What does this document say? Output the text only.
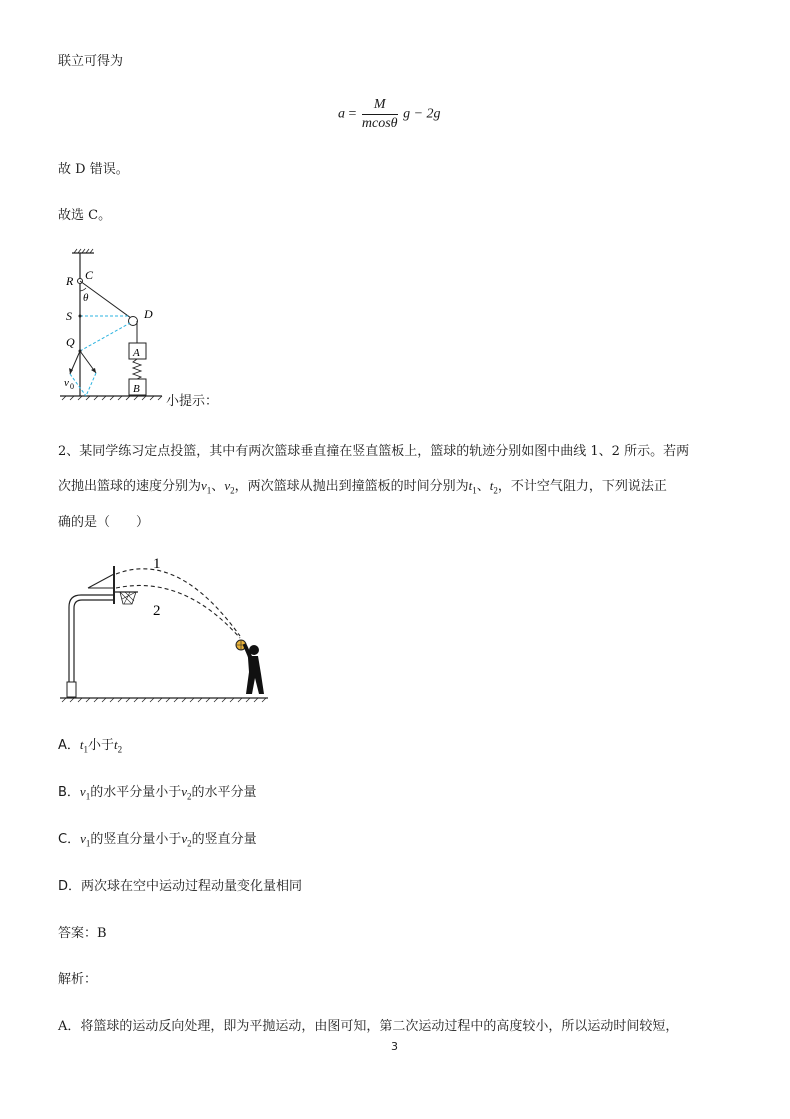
联立可得为
$a = \frac{M}{mcos\theta}$ g − 2g
故 D 错误。
故选 C。
R C
θ
S	D
Q
A
B
v 0
小提示：
2、某同学练习定点投篮，其中有两次篮球垂直撞在竖直篮板上，篮球的轨迹分别如图中曲线 1、2 所示。若两
次抛出篮球的速度分别为$v_1$、$v_2$，两次篮球从抛出到撞篮板的时间分别为$t_1$、$t_2$，不计空气阻力，下列说法正
确的是（　　）
1
2
A．$t_1$小于$t_2$
B．$v_1$的水平分量小于$v_2$的水平分量
C．$v_1$的竖直分量小于$v_2$的竖直分量
D．两次球在空中运动过程动量变化量相同
答案：B
解析：
A．将篮球的运动反向处理，即为平抛运动，由图可知，第二次运动过程中的高度较小，所以运动时间较短，
3
